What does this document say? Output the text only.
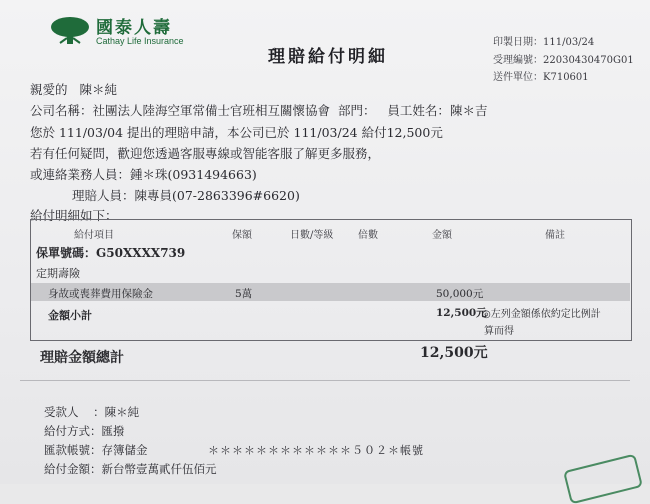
國泰人壽
Cathay Life Insurance
理賠給付明細
印製日期：111/03/24
受理編號：22030430470G01
送件單位：K710601
親愛的 陳＊純
公司名稱：社團法人陸海空軍常備士官班相互關懷協會 部門： 員工姓名：陳＊吉
您於 111/03/04 提出的理賠申請，本公司已於 111/03/24 給付12,500元
若有任何疑問，歡迎您透過客服專線或智能客服了解更多服務，
或連絡業務人員：鍾＊珠(0931494663)
理賠人員：陳專員(07-2863396#6620)
給付明細如下：
給付項目	保額	日數/等級 倍數	金額	備註
保單號碼：G50XXXX739
定期壽險
身故或喪葬費用保險金	5萬	50,000元
金額小計	12,500元
◎左列金額係依約定比例計
算而得
理賠金額總計	12,500元
受款人 ：陳＊純
給付方式：匯撥
匯款帳號：存簿儲金	＊＊＊＊＊＊＊＊＊＊＊＊５０２＊帳號
給付金額：新台幣壹萬貳仟伍佰元
